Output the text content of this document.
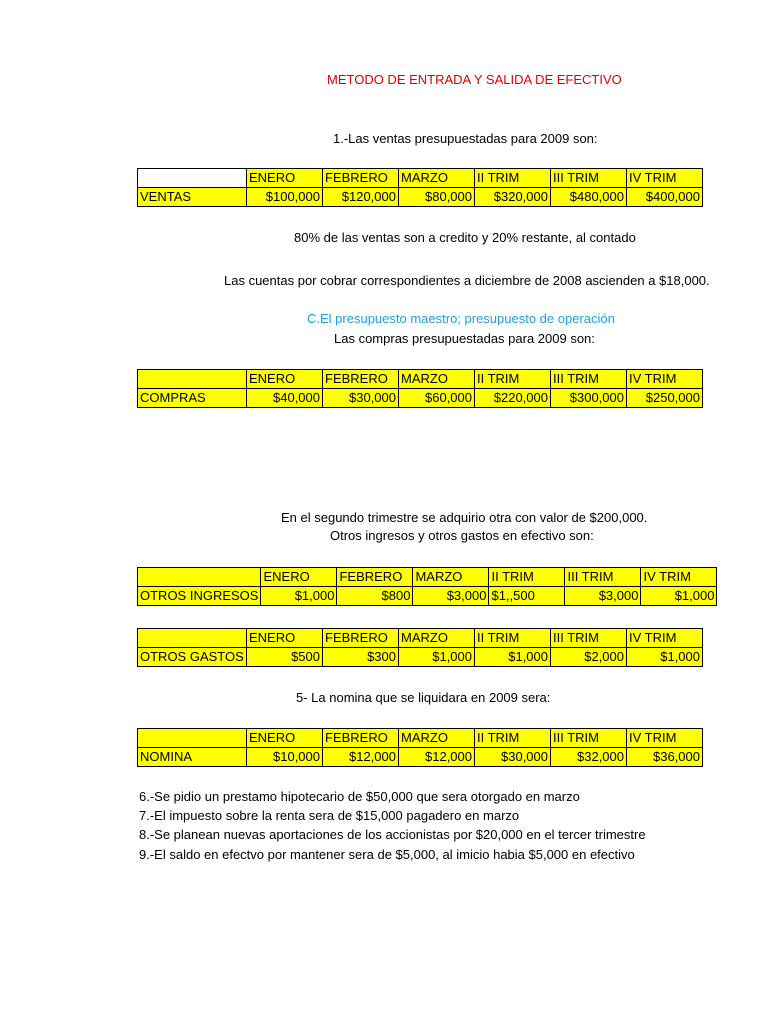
METODO DE ENTRADA Y SALIDA DE EFECTIVO
1.-Las ventas presupuestadas para 2009 son:
	ENERO	FEBRERO	MARZO	II TRIM	III TRIM	IV TRIM
VENTAS	$100,000	$120,000	$80,000	$320,000	$480,000	$400,000
80% de las ventas son a credito y 20% restante, al contado
Las cuentas por cobrar correspondientes a diciembre de 2008 ascienden a $18,000.
C.El presupuesto maestro; presupuesto de operación
Las compras presupuestadas para 2009 son:
	ENERO	FEBRERO	MARZO	II TRIM	III TRIM	IV TRIM
COMPRAS	$40,000	$30,000	$60,000	$220,000	$300,000	$250,000
En el segundo trimestre se adquirio otra con valor de $200,000.
Otros ingresos y otros gastos en efectivo son:
	ENERO	FEBRERO	MARZO	II TRIM	III TRIM	IV TRIM
OTROS INGRESOS	$1,000	$800	$3,000	$1,,500	$3,000	$1,000
	ENERO	FEBRERO	MARZO	II TRIM	III TRIM	IV TRIM
OTROS GASTOS	$500	$300	$1,000	$1,000	$2,000	$1,000
5- La nomina que se liquidara en 2009 sera:
	ENERO	FEBRERO	MARZO	II TRIM	III TRIM	IV TRIM
NOMINA	$10,000	$12,000	$12,000	$30,000	$32,000	$36,000
6.-Se pidio un prestamo hipotecario de $50,000 que sera otorgado en marzo
7.-El impuesto sobre la renta sera de $15,000 pagadero en marzo
8.-Se planean nuevas aportaciones de los accionistas por $20,000 en el tercer trimestre
9.-El saldo en efectvo por mantener sera de $5,000, al imicio habia $5,000 en efectivo
